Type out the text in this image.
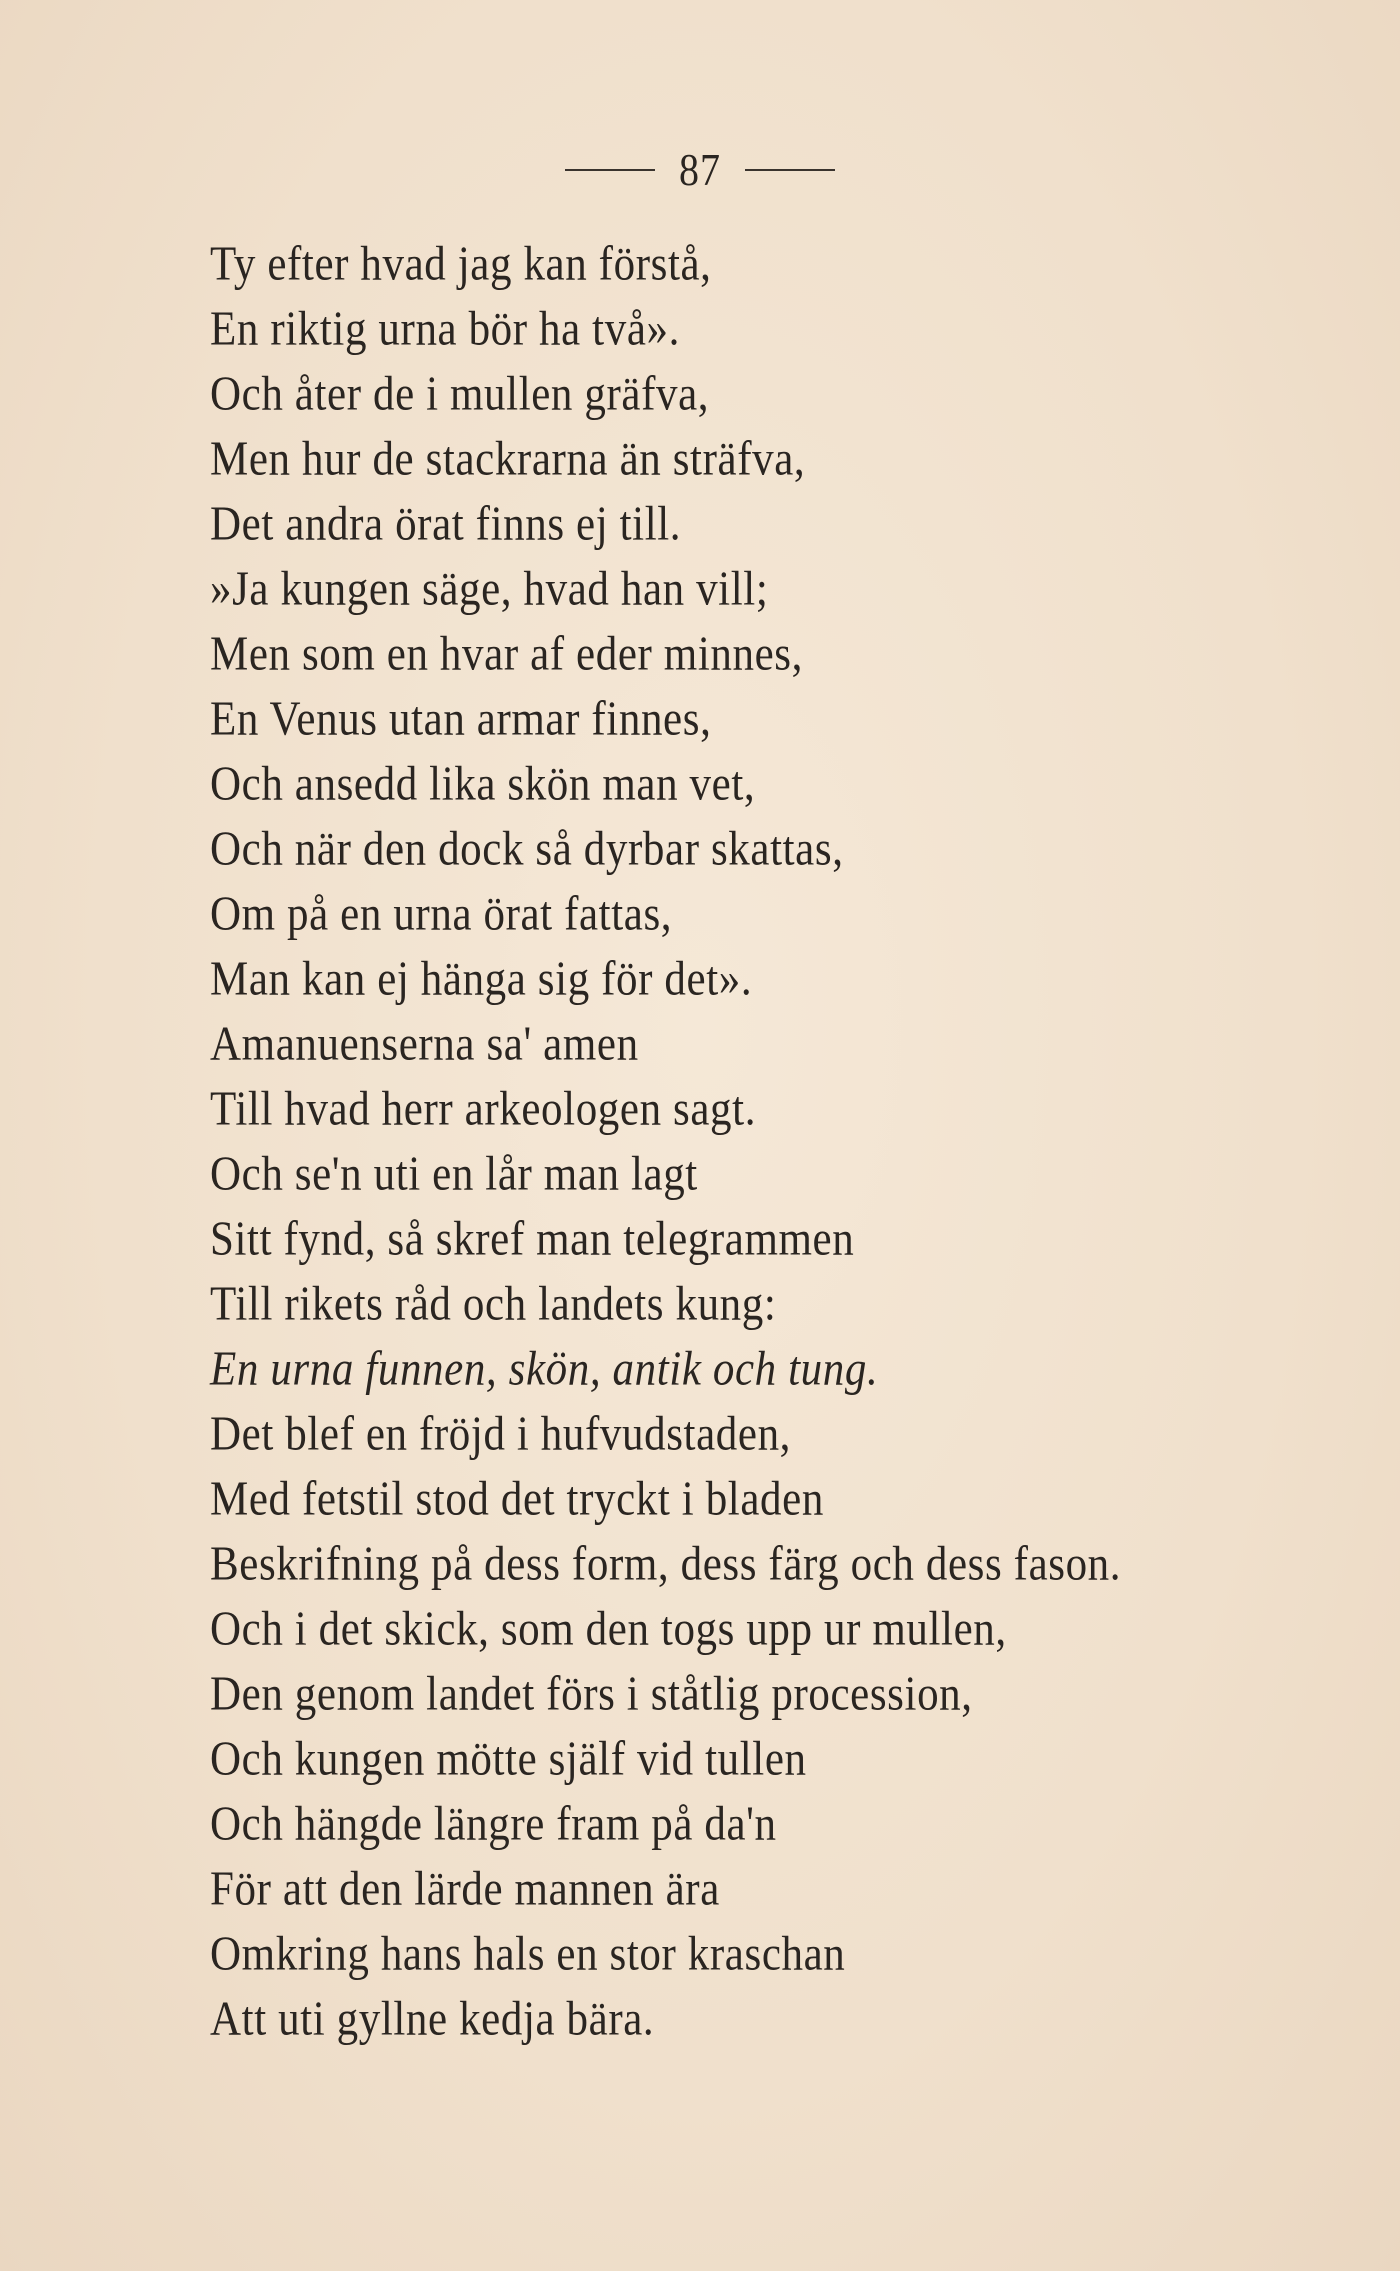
87
Ty efter hvad jag kan förstå,
En riktig urna bör ha två».
Och åter de i mullen gräfva,
Men hur de stackrarna än sträfva,
Det andra örat finns ej till.
»Ja kungen säge, hvad han vill;
Men som en hvar af eder minnes,
En Venus utan armar finnes,
Och ansedd lika skön man vet,
Och när den dock så dyrbar skattas,
Om på en urna örat fattas,
Man kan ej hänga sig för det».
Amanuenserna sa' amen
Till hvad herr arkeologen sagt.
Och se'n uti en lår man lagt
Sitt fynd, så skref man telegrammen
Till rikets råd och landets kung:
En urna funnen, skön, antik och tung.
Det blef en fröjd i hufvudstaden,
Med fetstil stod det tryckt i bladen
Beskrifning på dess form, dess färg och dess fason.
Och i det skick, som den togs upp ur mullen,
Den genom landet förs i ståtlig procession,
Och kungen mötte själf vid tullen
Och hängde längre fram på da'n
För att den lärde mannen ära
Omkring hans hals en stor kraschan
Att uti gyllne kedja bära.
